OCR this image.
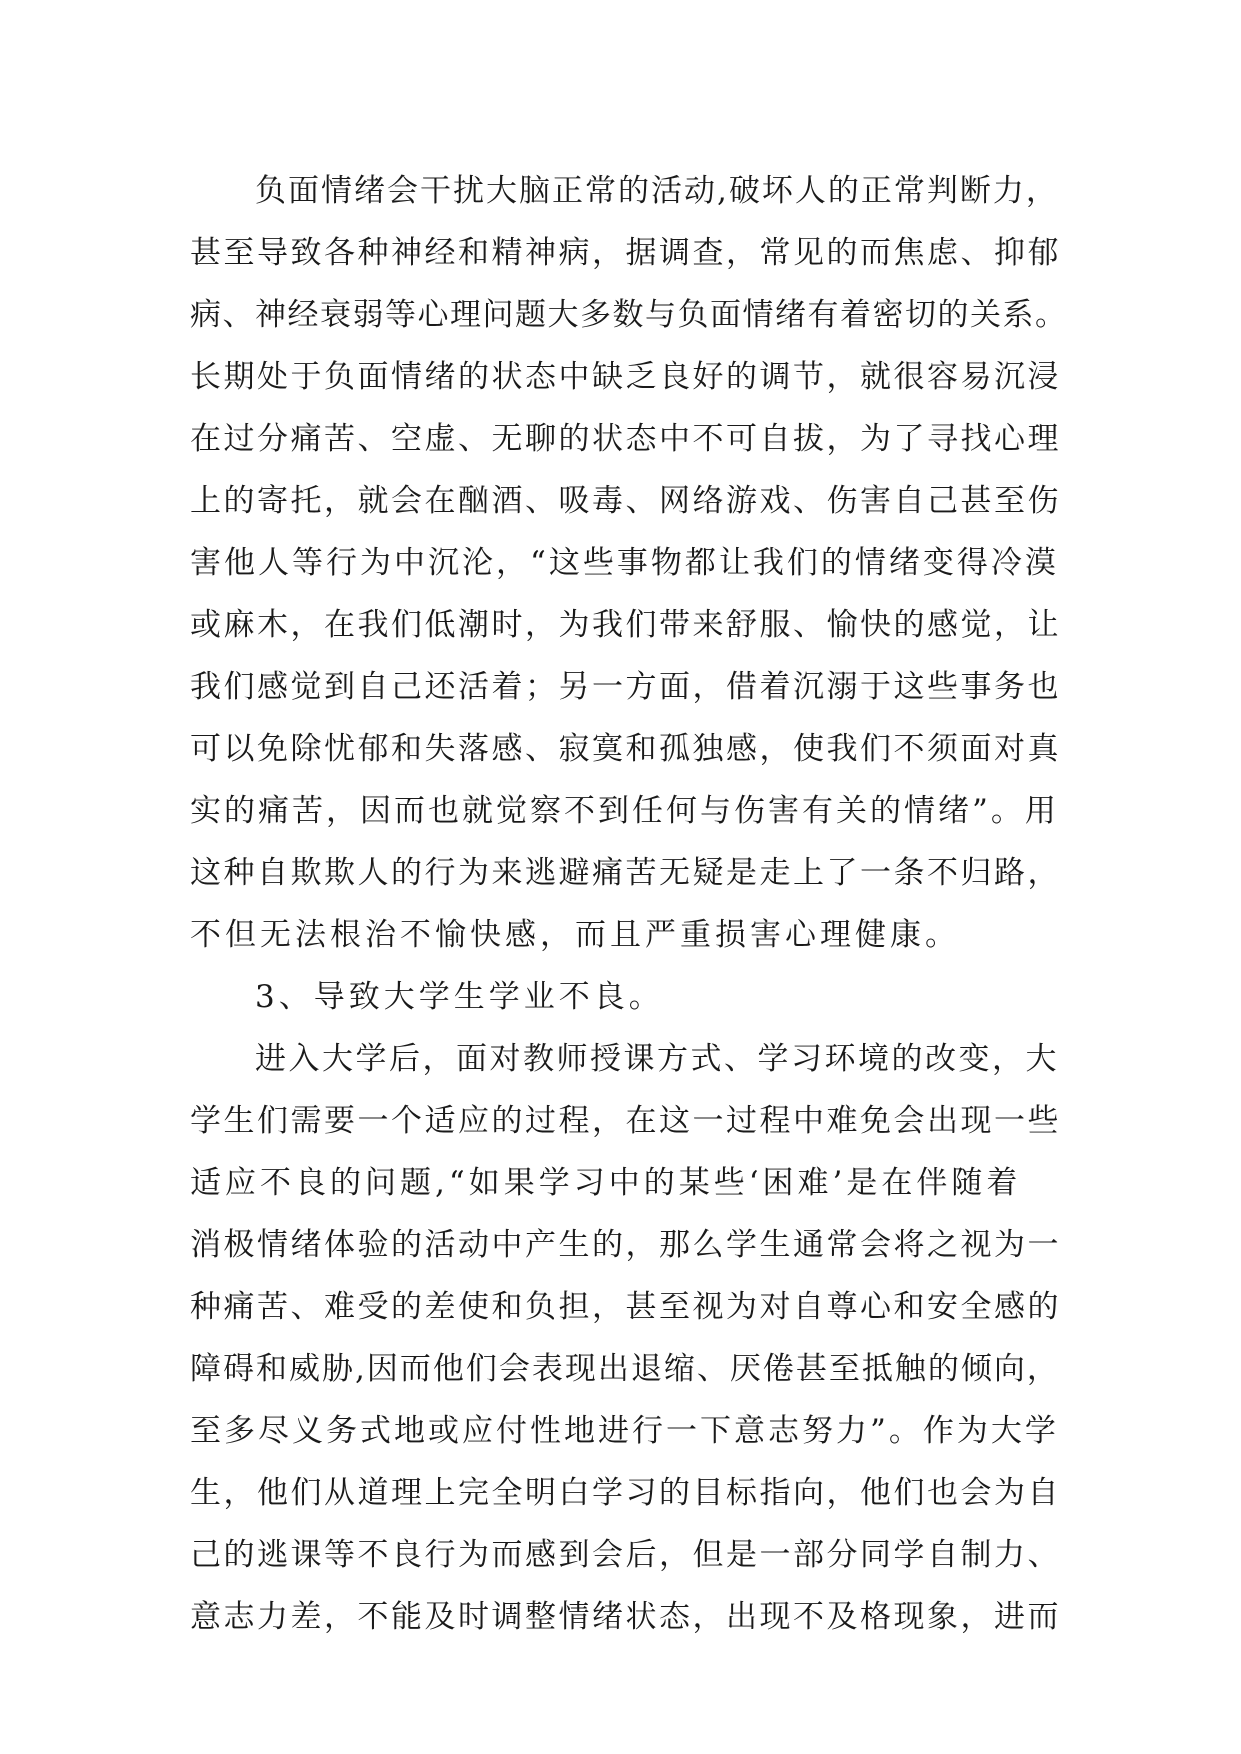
负面情绪会干扰大脑正常的活动,破坏人的正常判断力，
甚至导致各种神经和精神病，据调查，常见的而焦虑、抑郁
病、神经衰弱等心理问题大多数与负面情绪有着密切的关系。
长期处于负面情绪的状态中缺乏良好的调节，就很容易沉浸
在过分痛苦、空虚、无聊的状态中不可自拔，为了寻找心理
上的寄托，就会在酗酒、吸毒、网络游戏、伤害自己甚至伤
害他人等行为中沉沦，“这些事物都让我们的情绪变得冷漠
或麻木，在我们低潮时，为我们带来舒服、愉快的感觉，让
我们感觉到自己还活着；另一方面，借着沉溺于这些事务也
可以免除忧郁和失落感、寂寞和孤独感，使我们不须面对真
实的痛苦，因而也就觉察不到任何与伤害有关的情绪”。用
这种自欺欺人的行为来逃避痛苦无疑是走上了一条不归路，
不但无法根治不愉快感，而且严重损害心理健康。
3、导致大学生学业不良。
进入大学后，面对教师授课方式、学习环境的改变，大
学生们需要一个适应的过程，在这一过程中难免会出现一些
适应不良的问题,“如果学习中的某些‘困难’是在伴随着
消极情绪体验的活动中产生的，那么学生通常会将之视为一
种痛苦、难受的差使和负担，甚至视为对自尊心和安全感的
障碍和威胁,因而他们会表现出退缩、厌倦甚至抵触的倾向，
至多尽义务式地或应付性地进行一下意志努力”。作为大学
生，他们从道理上完全明白学习的目标指向，他们也会为自
己的逃课等不良行为而感到会后，但是一部分同学自制力、
意志力差，不能及时调整情绪状态，出现不及格现象，进而
